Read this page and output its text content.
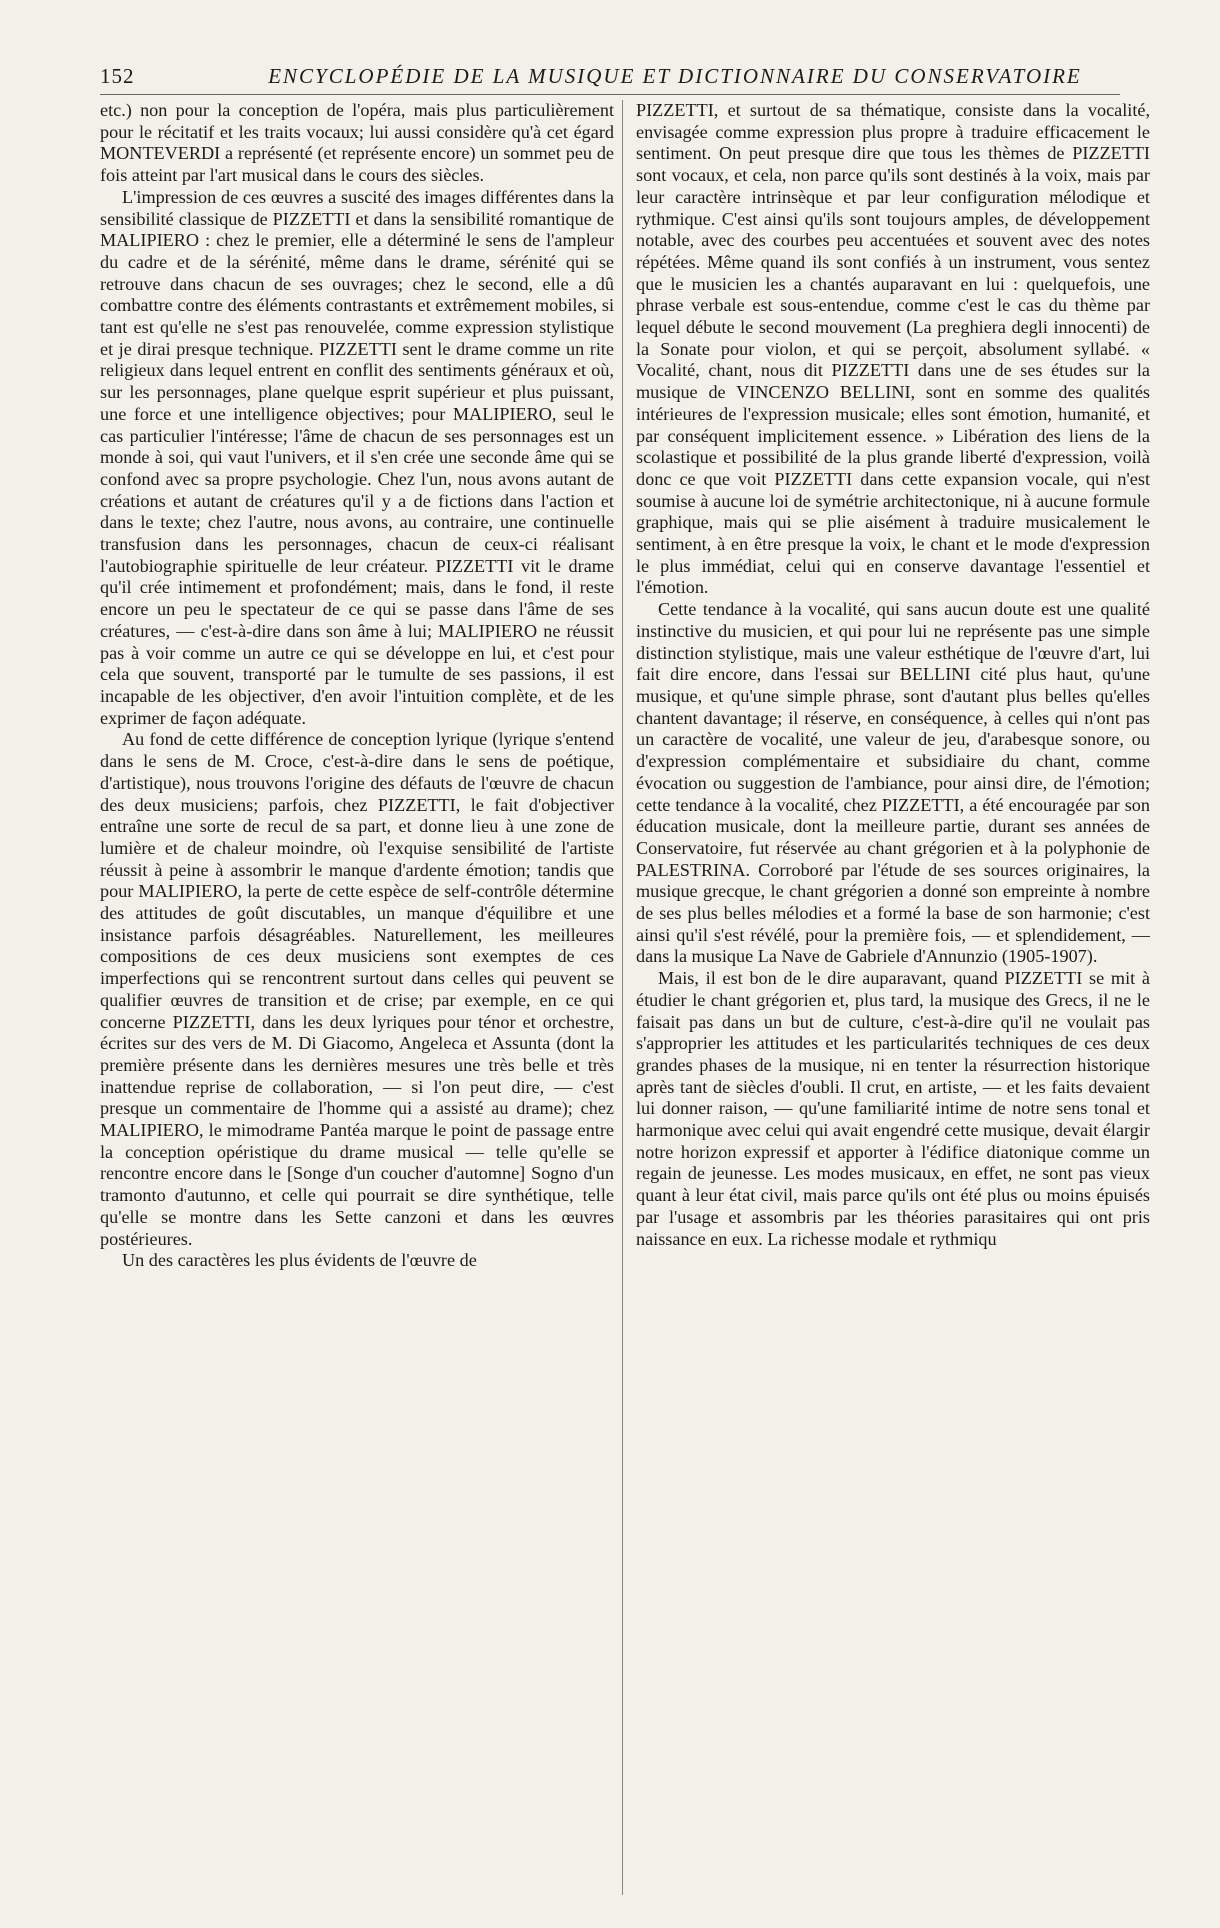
152	ENCYCLOPÉDIE DE LA MUSIQUE ET DICTIONNAIRE DU CONSERVATOIRE

etc.) non pour la conception de l'opéra, mais plus particulièrement pour le récitatif et les traits vocaux; lui aussi considère qu'à cet égard MONTEVERDI a représenté (et représente encore) un sommet peu de fois atteint par l'art musical dans le cours des siècles.

L'impression de ces œuvres a suscité des images différentes dans la sensibilité classique de PIZZETTI et dans la sensibilité romantique de MALIPIERO : chez le premier, elle a déterminé le sens de l'ampleur du cadre et de la sérénité, même dans le drame, sérénité qui se retrouve dans chacun de ses ouvrages; chez le second, elle a dû combattre contre des éléments contrastants et extrêmement mobiles, si tant est qu'elle ne s'est pas renouvelée, comme expression stylistique et je dirai presque technique. PIZZETTI sent le drame comme un rite religieux dans lequel entrent en conflit des sentiments généraux et où, sur les personnages, plane quelque esprit supérieur et plus puissant, une force et une intelligence objectives; pour MALIPIERO, seul le cas particulier l'intéresse; l'âme de chacun de ses personnages est un monde à soi, qui vaut l'univers, et il s'en crée une seconde âme qui se confond avec sa propre psychologie. Chez l'un, nous avons autant de créations et autant de créatures qu'il y a de fictions dans l'action et dans le texte; chez l'autre, nous avons, au contraire, une continuelle transfusion dans les personnages, chacun de ceux-ci réalisant l'autobiographie spirituelle de leur créateur. PIZZETTI vit le drame qu'il crée intimement et profondément; mais, dans le fond, il reste encore un peu le spectateur de ce qui se passe dans l'âme de ses créatures, — c'est-à-dire dans son âme à lui; MALIPIERO ne réussit pas à voir comme un autre ce qui se développe en lui, et c'est pour cela que souvent, transporté par le tumulte de ses passions, il est incapable de les objectiver, d'en avoir l'intuition complète, et de les exprimer de façon adéquate.

Au fond de cette différence de conception lyrique (lyrique s'entend dans le sens de M. Croce, c'est-à-dire dans le sens de poétique, d'artistique), nous trouvons l'origine des défauts de l'œuvre de chacun des deux musiciens; parfois, chez PIZZETTI, le fait d'objectiver entraîne une sorte de recul de sa part, et donne lieu à une zone de lumière et de chaleur moindre, où l'exquise sensibilité de l'artiste réussit à peine à assombrir le manque d'ardente émotion; tandis que pour MALIPIERO, la perte de cette espèce de self-contrôle détermine des attitudes de goût discutables, un manque d'équilibre et une insistance parfois désagréables. Naturellement, les meilleures compositions de ces deux musiciens sont exemptes de ces imperfections qui se rencontrent surtout dans celles qui peuvent se qualifier œuvres de transition et de crise; par exemple, en ce qui concerne PIZZETTI, dans les deux lyriques pour ténor et orchestre, écrites sur des vers de M. Di Giacomo, Angeleca et Assunta (dont la première présente dans les dernières mesures une très belle et très inattendue reprise de collaboration, — si l'on peut dire, — c'est presque un commentaire de l'homme qui a assisté au drame); chez MALIPIERO, le mimodrame Pantéa marque le point de passage entre la conception opéristique du drame musical — telle qu'elle se rencontre encore dans le [Songe d'un coucher d'automne] Sogno d'un tramonto d'autunno, et celle qui pourrait se dire synthétique, telle qu'elle se montre dans les Sette canzoni et dans les œuvres postérieures.

Un des caractères les plus évidents de l'œuvre de

PIZZETTI, et surtout de sa thématique, consiste dans la vocalité, envisagée comme expression plus propre à traduire efficacement le sentiment. On peut presque dire que tous les thèmes de PIZZETTI sont vocaux, et cela, non parce qu'ils sont destinés à la voix, mais par leur caractère intrinsèque et par leur configuration mélodique et rythmique. C'est ainsi qu'ils sont toujours amples, de développement notable, avec des courbes peu accentuées et souvent avec des notes répétées. Même quand ils sont confiés à un instrument, vous sentez que le musicien les a chantés auparavant en lui : quelquefois, une phrase verbale est sous-entendue, comme c'est le cas du thème par lequel débute le second mouvement (La preghiera degli innocenti) de la Sonate pour violon, et qui se perçoit, absolument syllabé. « Vocalité, chant, nous dit PIZZETTI dans une de ses études sur la musique de VINCENZO BELLINI, sont en somme des qualités intérieures de l'expression musicale; elles sont émotion, humanité, et par conséquent implicitement essence. » Libération des liens de la scolastique et possibilité de la plus grande liberté d'expression, voilà donc ce que voit PIZZETTI dans cette expansion vocale, qui n'est soumise à aucune loi de symétrie architectonique, ni à aucune formule graphique, mais qui se plie aisément à traduire musicalement le sentiment, à en être presque la voix, le chant et le mode d'expression le plus immédiat, celui qui en conserve davantage l'essentiel et l'émotion.

Cette tendance à la vocalité, qui sans aucun doute est une qualité instinctive du musicien, et qui pour lui ne représente pas une simple distinction stylistique, mais une valeur esthétique de l'œuvre d'art, lui fait dire encore, dans l'essai sur BELLINI cité plus haut, qu'une musique, et qu'une simple phrase, sont d'autant plus belles qu'elles chantent davantage; il réserve, en conséquence, à celles qui n'ont pas un caractère de vocalité, une valeur de jeu, d'arabesque sonore, ou d'expression complémentaire et subsidiaire du chant, comme évocation ou suggestion de l'ambiance, pour ainsi dire, de l'émotion; cette tendance à la vocalité, chez PIZZETTI, a été encouragée par son éducation musicale, dont la meilleure partie, durant ses années de Conservatoire, fut réservée au chant grégorien et à la polyphonie de PALESTRINA. Corroboré par l'étude de ses sources originaires, la musique grecque, le chant grégorien a donné son empreinte à nombre de ses plus belles mélodies et a formé la base de son harmonie; c'est ainsi qu'il s'est révélé, pour la première fois, — et splendidement, — dans la musique La Nave de Gabriele d'Annunzio (1905-1907).

Mais, il est bon de le dire auparavant, quand PIZZETTI se mit à étudier le chant grégorien et, plus tard, la musique des Grecs, il ne le faisait pas dans un but de culture, c'est-à-dire qu'il ne voulait pas s'approprier les attitudes et les particularités techniques de ces deux grandes phases de la musique, ni en tenter la résurrection historique après tant de siècles d'oubli. Il crut, en artiste, — et les faits devaient lui donner raison, — qu'une familiarité intime de notre sens tonal et harmonique avec celui qui avait engendré cette musique, devait élargir notre horizon expressif et apporter à l'édifice diatonique comme un regain de jeunesse. Les modes musicaux, en effet, ne sont pas vieux quant à leur état civil, mais parce qu'ils ont été plus ou moins épuisés par l'usage et assombris par les théories parasitaires qui ont pris naissance en eux. La richesse modale et rythmiqu
